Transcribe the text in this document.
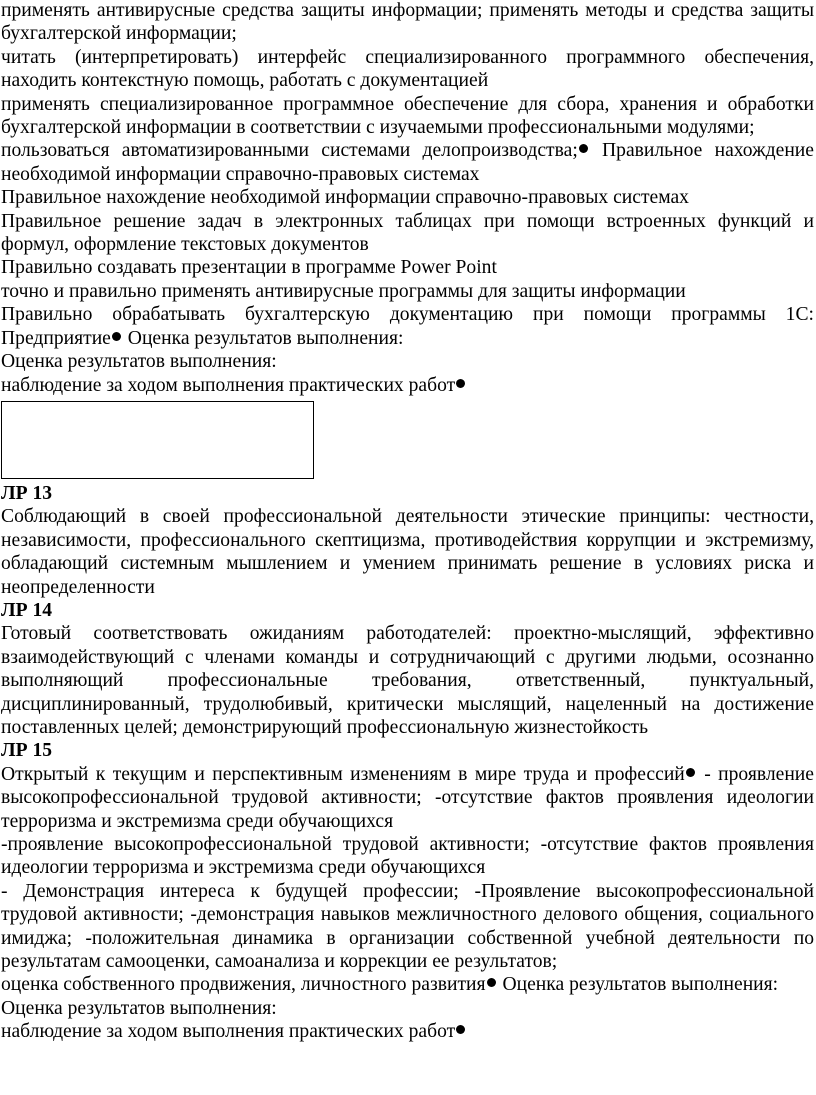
применять антивирусные средства защиты информации; применять методы и средства защиты бухгалтерской информации;

читать (интерпретировать) интерфейс специализированного программного обеспечения, находить контекстную помощь, работать с документацией

применять специализированное программное обеспечение для сбора, хранения и обработки бухгалтерской информации в соответствии с изучаемыми профессиональными модулями;

пользоваться автоматизированными системами делопроизводства; Правильное нахождение необходимой информации справочно-правовых системах

Правильное нахождение необходимой информации справочно-правовых системах

Правильное решение задач в электронных таблицах при помощи встроенных функций и формул, оформление текстовых документов

Правильно создавать презентации в программе Power Point

точно и правильно применять антивирусные программы для защиты информации

Правильно обрабатывать бухгалтерскую документацию при помощи программы 1С: Предприятие Оценка результатов выполнения:

Оценка результатов выполнения:

наблюдение за ходом выполнения практических работ

ЛР 13

Соблюдающий в своей профессиональной деятельности этические принципы: честности, независимости, профессионального скептицизма, противодействия коррупции и экстремизму, обладающий системным мышлением и умением принимать решение в условиях риска и неопределенности

ЛР 14

Готовый соответствовать ожиданиям работодателей: проектно-мыслящий, эффективно взаимодействующий с членами команды и сотрудничающий с другими людьми, осознанно выполняющий профессиональные требования, ответственный, пунктуальный, дисциплинированный, трудолюбивый, критически мыслящий, нацеленный на достижение поставленных целей; демонстрирующий профессиональную жизнестойкость

ЛР 15

Открытый к текущим и перспективным изменениям в мире труда и профессий - проявление высокопрофессиональной трудовой активности; -отсутствие фактов проявления идеологии терроризма и экстремизма среди обучающихся

-проявление высокопрофессиональной трудовой активности; -отсутствие фактов проявления идеологии терроризма и экстремизма среди обучающихся

- Демонстрация интереса к будущей профессии; -Проявление высокопрофессиональной трудовой активности; -демонстрация навыков межличностного делового общения, социального имиджа; -положительная динамика в организации собственной учебной деятельности по результатам самооценки, самоанализа и коррекции ее результатов;

оценка собственного продвижения, личностного развития Оценка результатов выполнения:

Оценка результатов выполнения:

наблюдение за ходом выполнения практических работ
